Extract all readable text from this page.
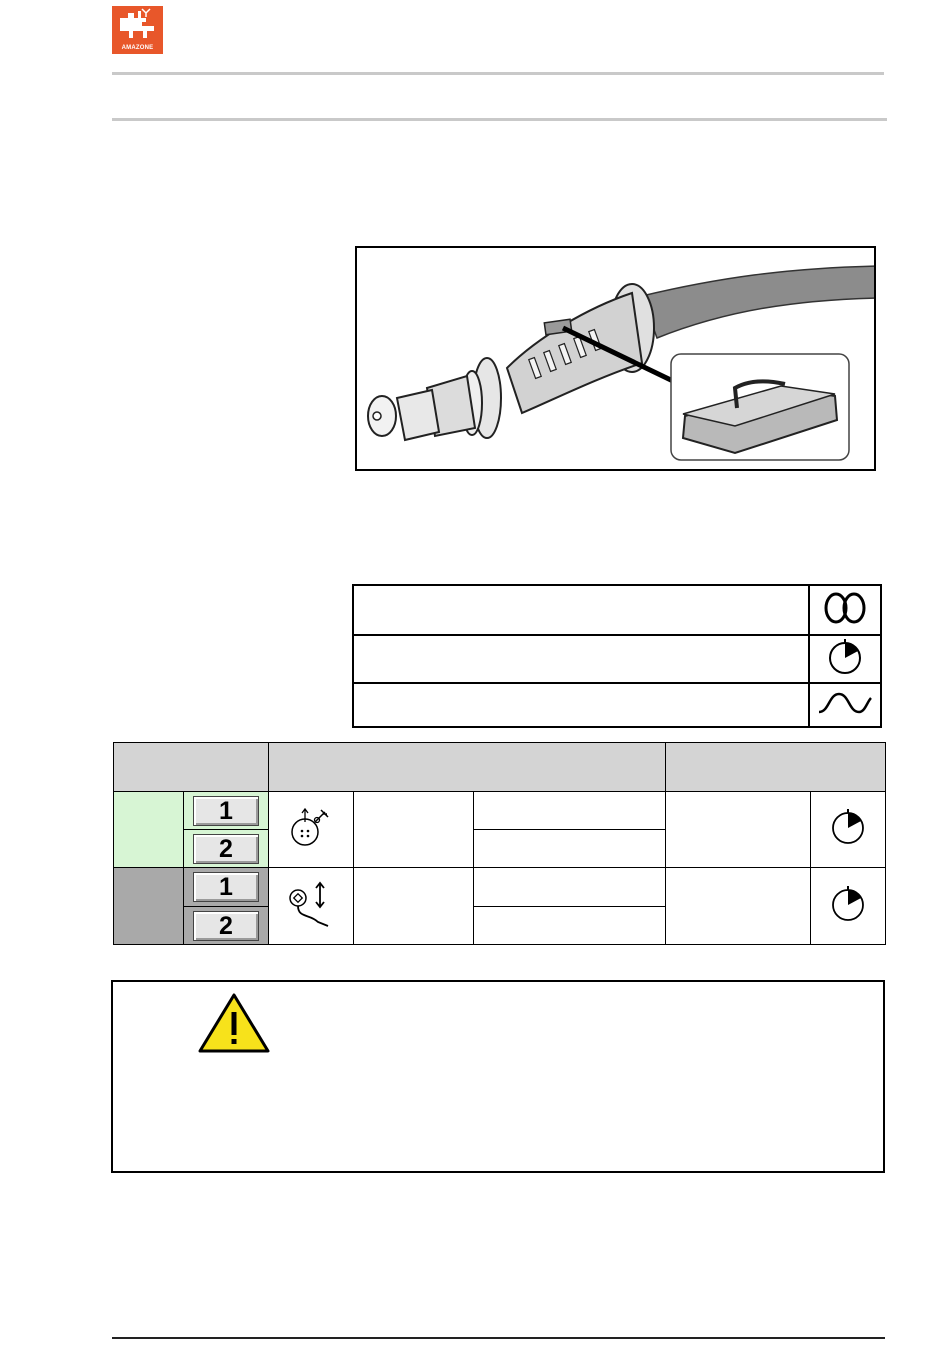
AMAZONE

	1					
	2					
	1					
	2					
